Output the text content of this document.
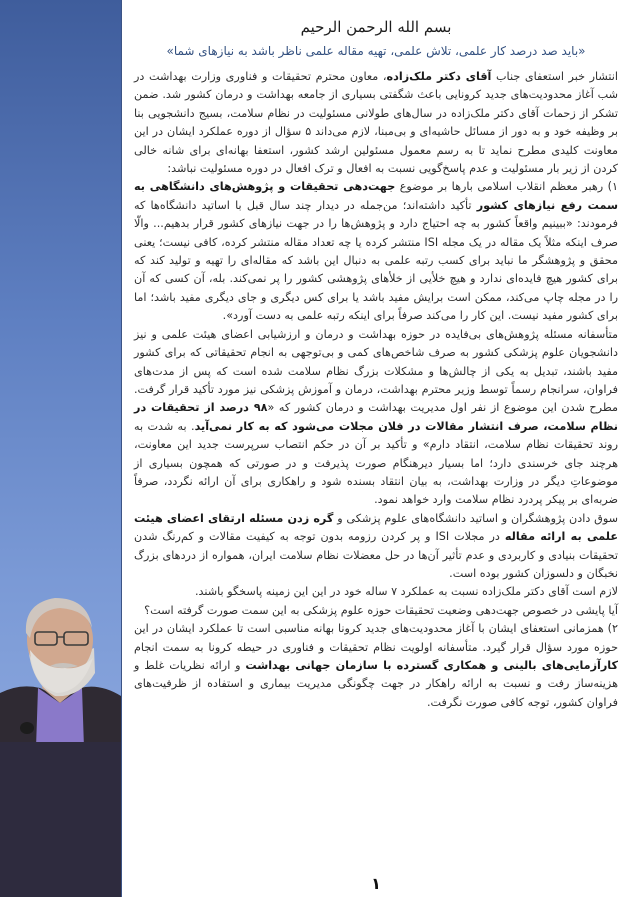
بسم الله الرحمن الرحیم
«باید صد درصد کار علمی، تلاش علمی، تهیه مقاله علمی ناظر باشد به نیازهای شما»

انتشار خبر استعفای جناب آقای دکتر ملک‌زاده، معاون محترم تحقیقات و فناوری وزارت بهداشت در شب آغاز محدودیت‌های جدید کرونایی باعث شگفتی بسیاری از جامعه بهداشت و درمان کشور شد. ضمن تشکر از زحمات آقای دکتر ملک‌زاده در سال‌های طولانی مسئولیت در نظام سلامت، بسیج دانشجویی بنا بر وظیفه خود و به دور از مسائل حاشیه‌ای و بی‌مبنا، لازم می‌داند ۵ سؤال از دوره عملکرد ایشان در این معاونت کلیدی مطرح نماید تا به رسم معمول مسئولین ارشد کشور، استعفا بهانه‌ای برای شانه خالی کردن از زیر بار مسئولیت و عدم پاسخ‌گویی نسبت به افعال و ترک افعال در دوره مسئولیت نباشد:

۱) رهبر معظم انقلاب اسلامی بارها بر موضوع جهت‌دهی تحقیقات و پژوهش‌های دانشگاهی به سمت رفع نیازهای کشور تأکید داشته‌اند؛ من‌جمله در دیدار چند سال قبل با اساتید دانشگاه‌ها که فرمودند: «ببینیم واقعاً کشور به چه احتیاج دارد و پژوهش‌ها را در جهت نیازهای کشور قرار بدهیم... والّا صرف اینکه مثلاً یک مقاله در یک مجله ISI منتشر کرده یا چه تعداد مقاله منتشر کرده، کافی نیست؛ یعنی محقق و پژوهشگر ما نباید برای کسب رتبه علمی به دنبال این باشد که مقاله‌ای را تهیه و تولید کند که برای کشور هیچ فایده‌ای ندارد و هیچ خلأیی از خلأهای پژوهشی کشور را پر نمی‌کند. بله، آن کسی که آن را در مجله چاپ می‌کند، ممکن است برایش مفید باشد یا برای کس دیگری و جای دیگری مفید باشد؛ اما برای کشور مفید نیست. این کار را می‌کند صرفاً برای اینکه رتبه علمی به دست آورد».

متأسفانه مسئله پژوهش‌های بی‌فایده در حوزه بهداشت و درمان و ارزشیابی اعضای هیئت علمی و نیز دانشجویان علوم پزشکی کشور به صرف شاخص‌های کمی و بی‌توجهی به انجام تحقیقاتی که برای کشور مفید باشند، تبدیل به یکی از چالش‌ها و مشکلات بزرگ نظام سلامت شده است که پس از مدت‌های فراوان، سرانجام رسماً توسط وزیر محترم بهداشت، درمان و آموزش پزشکی نیز مورد تأکید قرار گرفت. مطرح شدن این موضوع از نفر اول مدیریت بهداشت و درمان کشور که «۹۸ درصد از تحقیقات در نظام سلامت، صرف انتشار مقالات در فلان مجلات می‌شود که به کار نمی‌آید. به شدت به روند تحقیقات نظام سلامت، انتقاد دارم» و تأکید بر آن در حکم انتصاب سرپرست جدید این معاونت، هرچند جای خرسندی دارد؛ اما بسیار دیرهنگام صورت پذیرفت و در صورتی که همچون بسیاری از موضوعاتِ دیگر در وزارت بهداشت، به بیان انتقاد بسنده شود و راهکاری برای آن ارائه نگردد، صرفاً ضربه‌ای بر پیکر پردرد نظام سلامت وارد خواهد نمود.

سوق دادن پژوهشگران و اساتید دانشگاه‌های علوم پزشکی و گره زدن مسئله ارتقای اعضای هیئت علمی به ارائه مقاله در مجلات ISI و پر کردن رزومه بدون توجه به کیفیت مقالات و کم‌رنگ شدن تحقیقات بنیادی و کاربردی و عدم تأثیر آن‌ها در حل معضلات نظام سلامت ایران، همواره از دردهای بزرگ نخبگان و دلسوزان کشور بوده است.

لازم است آقای دکتر ملک‌زاده نسبت به عملکرد ۷ ساله خود در این این زمینه پاسخگو باشند.

آیا پایشی در خصوص جهت‌دهی وضعیت تحقیقات حوزه علوم پزشکی به این سمت صورت گرفته است؟

۲) همزمانی استعفای ایشان با آغاز محدودیت‌های جدید کرونا بهانه مناسبی است تا عملکرد ایشان در این حوزه مورد سؤال قرار گیرد. متأسفانه اولویت نظام تحقیقات و فناوری در حیطه کرونا به سمت انجام کارآزمایی‌های بالینی و همکاری گسترده با سازمان جهانی بهداشت و ارائه نظریات غلط و هزینه‌ساز رفت و نسبت به ارائه راهکار در جهت چگونگی مدیریت بیماری و استفاده از ظرفیت‌های فراوان کشور، توجه کافی صورت نگرفت.

۱
